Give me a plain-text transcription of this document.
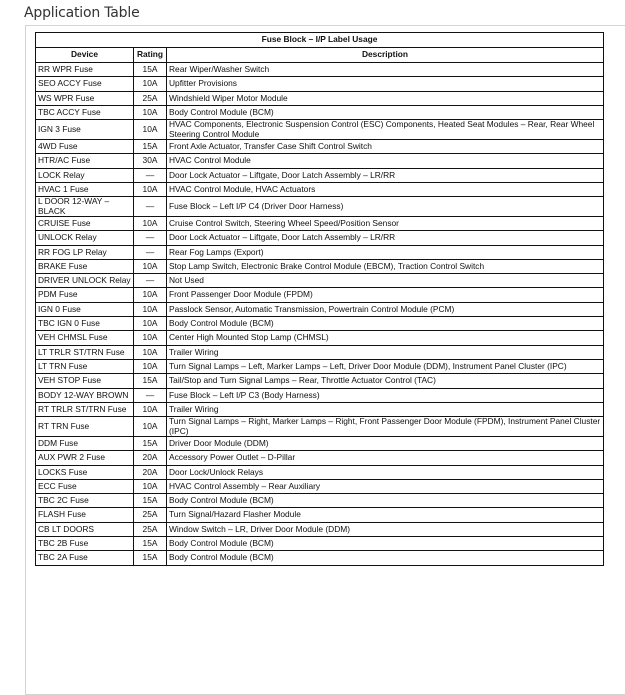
Application Table
Fuse Block – I/P Label Usage		
Device	Rating	Description
RR WPR Fuse	15A	Rear Wiper/Washer Switch
SEO ACCY Fuse	10A	Upfitter Provisions
WS WPR Fuse	25A	Windshield Wiper Motor Module
TBC ACCY Fuse	10A	Body Control Module (BCM)
IGN 3 Fuse	10A	HVAC Components, Electronic Suspension Control (ESC) Components, Heated Seat Modules – Rear, Rear Wheel Steering Control Module
4WD Fuse	15A	Front Axle Actuator, Transfer Case Shift Control Switch
HTR/AC Fuse	30A	HVAC Control Module
LOCK Relay	—	Door Lock Actuator – Liftgate, Door Latch Assembly – LR/RR
HVAC 1 Fuse	10A	HVAC Control Module, HVAC Actuators
L DOOR 12-WAY – BLACK	—	Fuse Block – Left I/P C4 (Driver Door Harness)
CRUISE Fuse	10A	Cruise Control Switch, Steering Wheel Speed/Position Sensor
UNLOCK Relay	—	Door Lock Actuator – Liftgate, Door Latch Assembly – LR/RR
RR FOG LP Relay	—	Rear Fog Lamps (Export)
BRAKE Fuse	10A	Stop Lamp Switch, Electronic Brake Control Module (EBCM), Traction Control Switch
DRIVER UNLOCK Relay	—	Not Used
PDM Fuse	10A	Front Passenger Door Module (FPDM)
IGN 0 Fuse	10A	Passlock Sensor, Automatic Transmission, Powertrain Control Module (PCM)
TBC IGN 0 Fuse	10A	Body Control Module (BCM)
VEH CHMSL Fuse	10A	Center High Mounted Stop Lamp (CHMSL)
LT TRLR ST/TRN Fuse	10A	Trailer Wiring
LT TRN Fuse	10A	Turn Signal Lamps – Left, Marker Lamps – Left, Driver Door Module (DDM), Instrument Panel Cluster (IPC)
VEH STOP Fuse	15A	Tail/Stop and Turn Signal Lamps – Rear, Throttle Actuator Control (TAC)
BODY 12-WAY BROWN	—	Fuse Block – Left I/P C3 (Body Harness)
RT TRLR ST/TRN Fuse	10A	Trailer Wiring
RT TRN Fuse	10A	Turn Signal Lamps – Right, Marker Lamps – Right, Front Passenger Door Module (FPDM), Instrument Panel Cluster (IPC)
DDM Fuse	15A	Driver Door Module (DDM)
AUX PWR 2 Fuse	20A	Accessory Power Outlet – D-Pillar
LOCKS Fuse	20A	Door Lock/Unlock Relays
ECC Fuse	10A	HVAC Control Assembly – Rear Auxiliary
TBC 2C Fuse	15A	Body Control Module (BCM)
FLASH Fuse	25A	Turn Signal/Hazard Flasher Module
CB LT DOORS	25A	Window Switch – LR, Driver Door Module (DDM)
TBC 2B Fuse	15A	Body Control Module (BCM)
TBC 2A Fuse	15A	Body Control Module (BCM)
